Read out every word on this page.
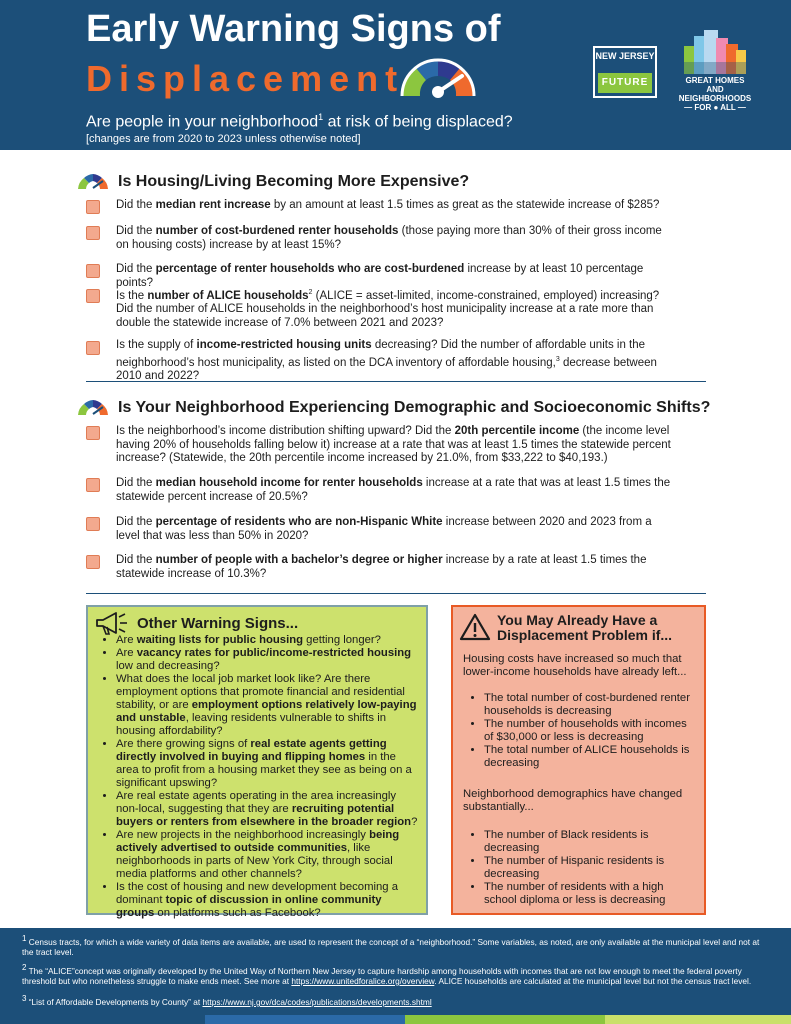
Early Warning Signs of
Displacement
Are people in your neighborhood$^1$ at risk of being displaced?
[changes are from 2020 to 2023 unless otherwise noted]
NEW JERSEY
FUTURE	GREAT HOMES
AND NEIGHBORHOODS
— FOR ● ALL —
Is Housing/Living Becoming More Expensive?
Did the median rent increase by an amount at least 1.5 times as great as the statewide increase of $285?
Did the number of cost-burdened renter households (those paying more than 30% of their gross income on housing costs) increase by at least 15%?
Did the percentage of renter households who are cost-burdened increase by at least 10 percentage points?
Is the number of ALICE households$^2$ (ALICE = asset-limited, income-constrained, employed) increasing? Did the number of ALICE households in the neighborhood’s host municipality increase at a rate more than double the statewide increase of 7.0% between 2021 and 2023?
Is the supply of income-restricted housing units decreasing? Did the number of affordable units in the neighborhood’s host municipality, as listed on the DCA inventory of affordable housing,$^3$ decrease between 2010 and 2022?
Is Your Neighborhood Experiencing Demographic and Socioeconomic Shifts?
Is the neighborhood’s income distribution shifting upward? Did the 20th percentile income (the income level having 20% of households falling below it) increase at a rate that was at least 1.5 times the statewide percent increase? (Statewide, the 20th percentile income increased by 21.0%, from $33,222 to $40,193.)
Did the median household income for renter households increase at a rate that was at least 1.5 times the statewide percent increase of 20.5%?
Did the percentage of residents who are non-Hispanic White increase between 2020 and 2023 from a level that was less than 50% in 2020?
Did the number of people with a bachelor’s degree or higher increase by a rate at least 1.5 times the statewide increase of 10.3%?
Other Warning Signs...
• Are waiting lists for public housing getting longer?
• Are vacancy rates for public/income-restricted housing low and decreasing?
• What does the local job market look like? Are there employment options that promote financial and residential stability, or are employment options relatively low-paying and unstable, leaving residents vulnerable to shifts in housing affordability?
• Are there growing signs of real estate agents getting directly involved in buying and flipping homes in the area to profit from a housing market they see as being on a significant upswing?
• Are real estate agents operating in the area increasingly non-local, suggesting that they are recruiting potential buyers or renters from elsewhere in the broader region?
• Are new projects in the neighborhood increasingly being actively advertised to outside communities, like neighborhoods in parts of New York City, through social media platforms and other channels?
• Is the cost of housing and new development becoming a dominant topic of discussion in online community groups on platforms such as Facebook?
You May Already Have a
Displacement Problem if...

Housing costs have increased so much that lower-income households have already left...

• The total number of cost-burdened renter households is decreasing
• The number of households with incomes of $30,000 or less is decreasing
• The total number of ALICE households is decreasing

Neighborhood demographics have changed substantially...

• The number of Black residents is decreasing
• The number of Hispanic residents is decreasing
• The number of residents with a high school diploma or less is decreasing
$^1$ Census tracts, for which a wide variety of data items are available, are used to represent the concept of a “neighborhood.” Some variables, as noted, are only available at the municipal level and not at the tract level.
$^2$ The “ALICE”concept was originally developed by the United Way of Northern New Jersey to capture hardship among households with incomes that are not low enough to meet the federal poverty threshold but who nonetheless struggle to make ends meet. See more at https://www.unitedforalice.org/overview. ALICE households are calculated at the municipal level but not the census tract level.
$^3$ “List of Affordable Developments by County” at https://www.nj.gov/dca/codes/publications/developments.shtml
